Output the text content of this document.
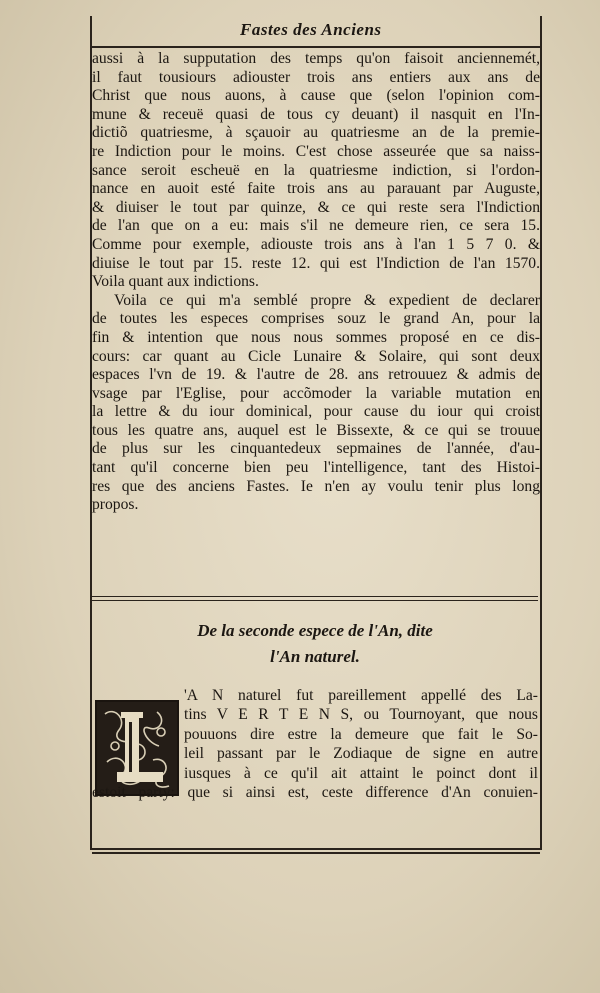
Fastes des Anciens
aussi à la supputation des temps qu'on faisoit anciennemét,
il faut tousiours adiouster trois ans entiers aux ans de
Christ que nous auons, à cause que (selon l'opinion com-
mune & receuë quasi de tous cy deuant) il nasquit en l'In-
dictiõ quatriesme, à sçauoir au quatriesme an de la premie-
re Indiction pour le moins. C'est chose asseurée que sa naiss-
sance seroit escheuë en la quatriesme indiction, si l'ordon-
nance en auoit esté faite trois ans au parauant par Auguste,
& diuiser le tout par quinze, & ce qui reste sera l'Indiction
de l'an que on a eu: mais s'il ne demeure rien, ce sera 15.
Comme pour exemple, adiouste trois ans à l'an 1 5 7 0. &
diuise le tout par 15. reste 12. qui est l'Indiction de l'an 1570.
Voila quant aux indictions.
Voila ce qui m'a semblé propre & expedient de declarer
de toutes les especes comprises souz le grand An, pour la
fin & intention que nous nous sommes proposé en ce dis-
cours: car quant au Cicle Lunaire & Solaire, qui sont deux
espaces l'vn de 19. & l'autre de 28. ans retrouuez & admis de
vsage par l'Eglise, pour accõmoder la variable mutation en
la lettre & du iour dominical, pour cause du iour qui croist
tous les quatre ans, auquel est le Bissexte, & ce qui se trouue
de plus sur les cinquantedeux sepmaines de l'année, d'au-
tant qu'il concerne bien peu l'intelligence, tant des Histoi-
res que des anciens Fastes. Ie n'en ay voulu tenir plus long
propos.
De la seconde espece de l'An, dite
l'An naturel.
'A N naturel fut pareillement appellé des La-
tins V E R T E N S, ou Tournoyant, que nous
pouuons dire estre la demeure que fait le So-
leil passant par le Zodiaque de signe en autre
iusques à ce qu'il ait attaint le poinct dont il
estoit party: que si ainsi est, ceste difference d'An conuien-
